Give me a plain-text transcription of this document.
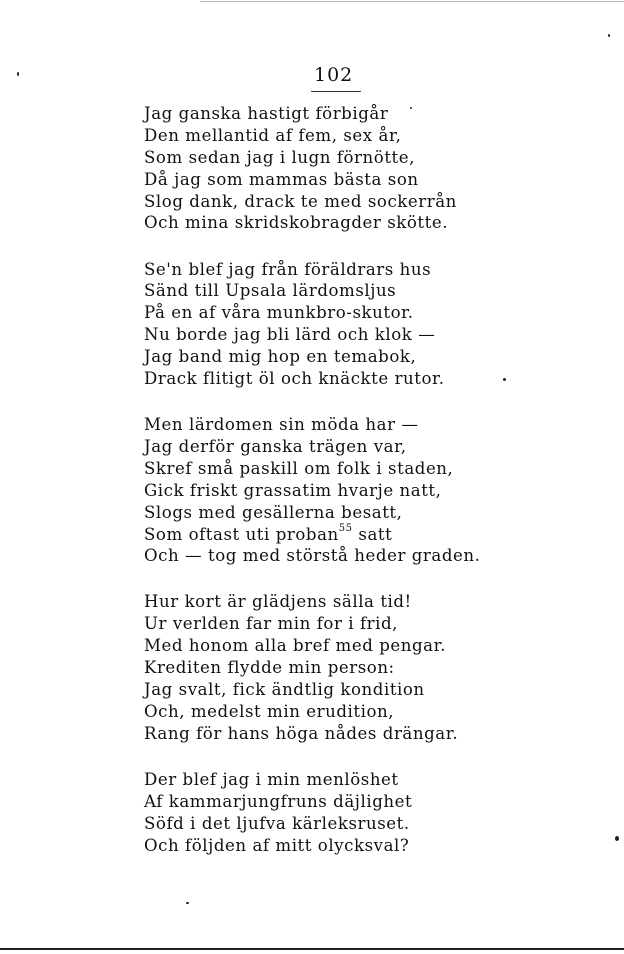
102
Jag ganska hastigt förbigår
Den mellantid af fem, sex år,
Som sedan jag i lugn förnötte,
Då jag som mammas bästa son
Slog dank, drack te med sockerrån
Och mina skridskobragder skötte.
Se'n blef jag från föräldrars hus
Sänd till Upsala lärdomsljus
På en af våra munkbro-skutor.
Nu borde jag bli lärd och klok —
Jag band mig hop en temabok,
Drack flitigt öl och knäckte rutor.
Men lärdomen sin möda har —
Jag derför ganska trägen var,
Skref små paskill om folk i staden,
Gick friskt grassatim hvarje natt,
Slogs med gesällerna besatt,
Som oftast uti proban$^{55}$ satt
Och — tog med störstå heder graden.
Hur kort är glädjens sälla tid!
Ur verlden far min for i frid,
Med honom alla bref med pengar.
Krediten flydde min person:
Jag svalt, fick ändtlig kondition
Och, medelst min erudition,
Rang för hans höga nådes drängar.
Der blef jag i min menlöshet
Af kammarjungfruns däjlighet
Söfd i det ljufva kärleksruset.
Och följden af mitt olycksval?
